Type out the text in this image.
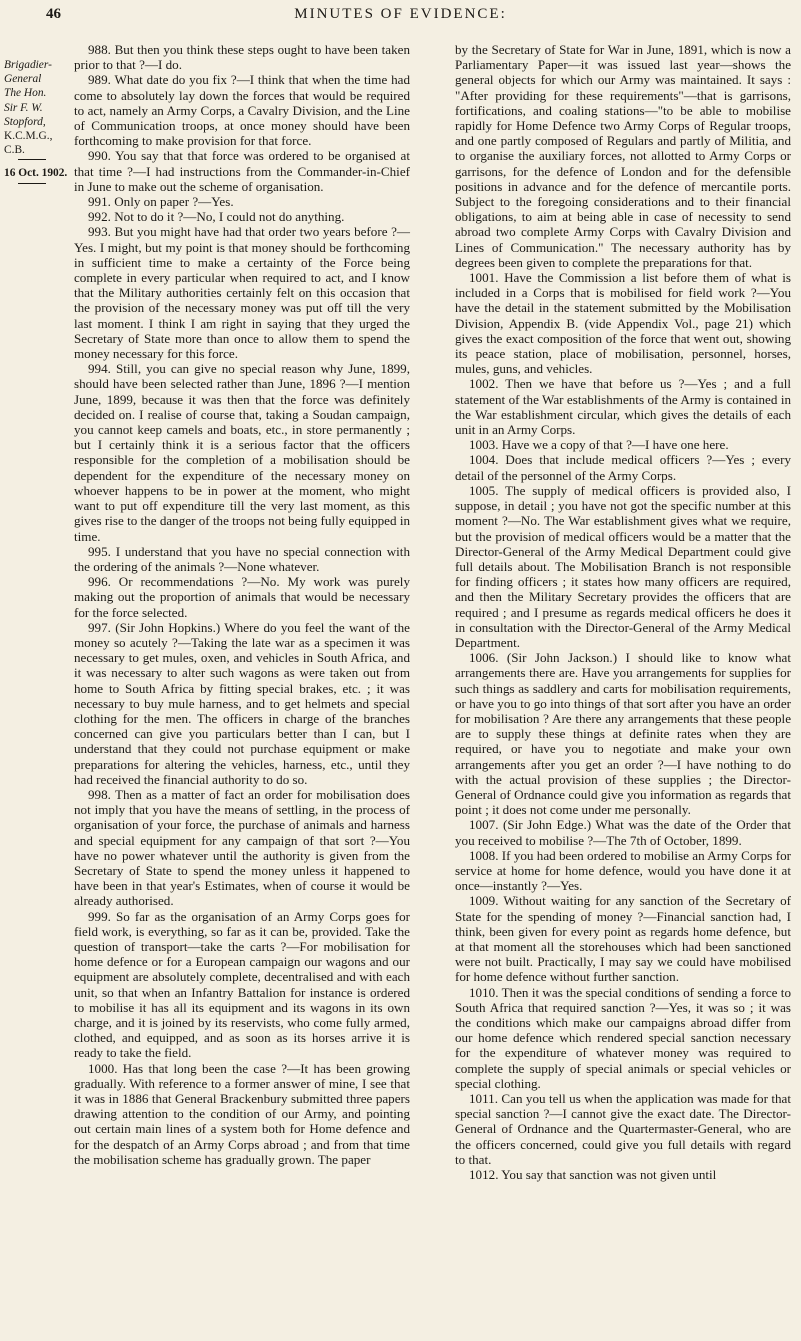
46	MINUTES OF EVIDENCE:
Brigadier-
General
The Hon.
Sir F. W.
Stopford,
K.C.M.G., C.B.
16 Oct. 1902.

988. But then you think these steps ought to have been taken prior to that ?—I do.

989. What date do you fix ?—I think that when the time had come to absolutely lay down the forces that would be required to act, namely an Army Corps, a Cavalry Division, and the Line of Communication troops, at once money should have been forthcoming to make provision for that force.

990. You say that that force was ordered to be organised at that time ?—I had instructions from the Commander-in-Chief in June to make out the scheme of organisation.

991. Only on paper ?—Yes.

992. Not to do it ?—No, I could not do anything.

993. But you might have had that order two years before ?—Yes. I might, but my point is that money should be forthcoming in sufficient time to make a certainty of the Force being complete in every particular when required to act, and I know that the Military authorities certainly felt on this occasion that the provision of the necessary money was put off till the very last moment. I think I am right in saying that they urged the Secretary of State more than once to allow them to spend the money necessary for this force.

994. Still, you can give no special reason why June, 1899, should have been selected rather than June, 1896 ?—I mention June, 1899, because it was then that the force was definitely decided on. I realise of course that, taking a Soudan campaign, you cannot keep camels and boats, etc., in store permanently ; but I certainly think it is a serious factor that the officers responsible for the completion of a mobilisation should be dependent for the expenditure of the necessary money on whoever happens to be in power at the moment, who might want to put off expenditure till the very last moment, as this gives rise to the danger of the troops not being fully equipped in time.

995. I understand that you have no special connection with the ordering of the animals ?—None whatever.

996. Or recommendations ?—No. My work was purely making out the proportion of animals that would be necessary for the force selected.

997. (Sir John Hopkins.) Where do you feel the want of the money so acutely ?—Taking the late war as a specimen it was necessary to get mules, oxen, and vehicles in South Africa, and it was necessary to alter such wagons as were taken out from home to South Africa by fitting special brakes, etc. ; it was necessary to buy mule harness, and to get helmets and special clothing for the men. The officers in charge of the branches concerned can give you particulars better than I can, but I understand that they could not purchase equipment or make preparations for altering the vehicles, harness, etc., until they had received the financial authority to do so.

998. Then as a matter of fact an order for mobilisation does not imply that you have the means of settling, in the process of organisation of your force, the purchase of animals and harness and special equipment for any campaign of that sort ?—You have no power whatever until the authority is given from the Secretary of State to spend the money unless it happened to have been in that year's Estimates, when of course it would be already authorised.

999. So far as the organisation of an Army Corps goes for field work, is everything, so far as it can be, provided. Take the question of transport—take the carts ?—For mobilisation for home defence or for a European campaign our wagons and our equipment are absolutely complete, decentralised and with each unit, so that when an Infantry Battalion for instance is ordered to mobilise it has all its equipment and its wagons in its own charge, and it is joined by its reservists, who come fully armed, clothed, and equipped, and as soon as its horses arrive it is ready to take the field.

1000. Has that long been the case ?—It has been growing gradually. With reference to a former answer of mine, I see that it was in 1886 that General Brackenbury submitted three papers drawing attention to the condition of our Army, and pointing out certain main lines of a system both for Home defence and for the despatch of an Army Corps abroad ; and from that time the mobilisation scheme has gradually grown. The paper

by the Secretary of State for War in June, 1891, which is now a Parliamentary Paper—it was issued last year—shows the general objects for which our Army was maintained. It says : "After providing for these requirements"—that is garrisons, fortifications, and coaling stations—"to be able to mobilise rapidly for Home Defence two Army Corps of Regular troops, and one partly composed of Regulars and partly of Militia, and to organise the auxiliary forces, not allotted to Army Corps or garrisons, for the defence of London and for the defensible positions in advance and for the defence of mercantile ports. Subject to the foregoing considerations and to their financial obligations, to aim at being able in case of necessity to send abroad two complete Army Corps with Cavalry Division and Lines of Communication." The necessary authority has by degrees been given to complete the preparations for that.

1001. Have the Commission a list before them of what is included in a Corps that is mobilised for field work ?—You have the detail in the statement submitted by the Mobilisation Division, Appendix B. (vide Appendix Vol., page 21) which gives the exact composition of the force that went out, showing its peace station, place of mobilisation, personnel, horses, mules, guns, and vehicles.

1002. Then we have that before us ?—Yes ; and a full statement of the War establishments of the Army is contained in the War establishment circular, which gives the details of each unit in an Army Corps.

1003. Have we a copy of that ?—I have one here.

1004. Does that include medical officers ?—Yes ; every detail of the personnel of the Army Corps.

1005. The supply of medical officers is provided also, I suppose, in detail ; you have not got the specific number at this moment ?—No. The War establishment gives what we require, but the provision of medical officers would be a matter that the Director-General of the Army Medical Department could give full details about. The Mobilisation Branch is not responsible for finding officers ; it states how many officers are required, and then the Military Secretary provides the officers that are required ; and I presume as regards medical officers he does it in consultation with the Director-General of the Army Medical Department.

1006. (Sir John Jackson.) I should like to know what arrangements there are. Have you arrangements for supplies for such things as saddlery and carts for mobilisation requirements, or have you to go into things of that sort after you have an order for mobilisation ? Are there any arrangements that these people are to supply these things at definite rates when they are required, or have you to negotiate and make your own arrangements after you get an order ?—I have nothing to do with the actual provision of these supplies ; the Director-General of Ordnance could give you information as regards that point ; it does not come under me personally.

1007. (Sir John Edge.) What was the date of the Order that you received to mobilise ?—The 7th of October, 1899.

1008. If you had been ordered to mobilise an Army Corps for service at home for home defence, would you have done it at once—instantly ?—Yes.

1009. Without waiting for any sanction of the Secretary of State for the spending of money ?—Financial sanction had, I think, been given for every point as regards home defence, but at that moment all the storehouses which had been sanctioned were not built. Practically, I may say we could have mobilised for home defence without further sanction.

1010. Then it was the special conditions of sending a force to South Africa that required sanction ?—Yes, it was so ; it was the conditions which make our campaigns abroad differ from our home defence which rendered special sanction necessary for the expenditure of whatever money was required to complete the supply of special animals or special vehicles or special clothing.

1011. Can you tell us when the application was made for that special sanction ?—I cannot give the exact date. The Director-General of Ordnance and the Quartermaster-General, who are the officers concerned, could give you full details with regard to that.

1012. You say that sanction was not given until
